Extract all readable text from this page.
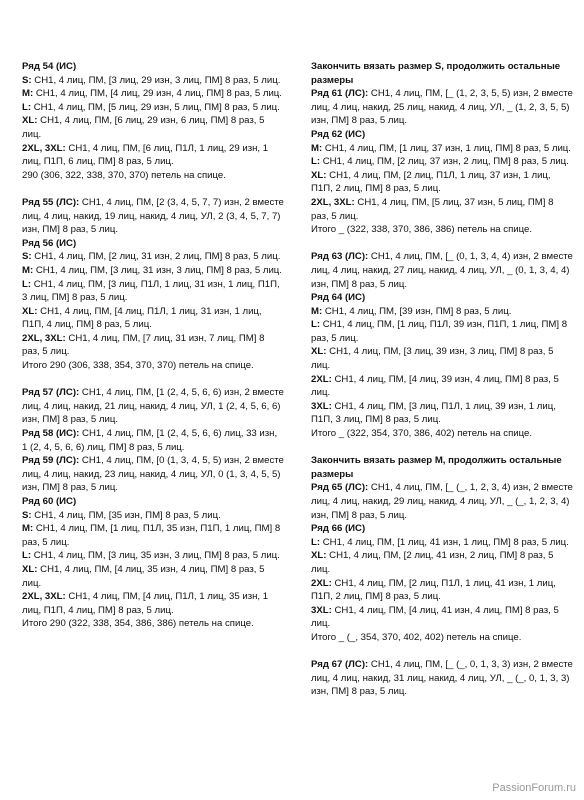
Ряд 54 (ИС)

S: СН1, 4 лиц, ПМ, [3 лиц, 29 изн, 3 лиц, ПМ] 8 раз, 5 лиц.

M: СН1, 4 лиц, ПМ, [4 лиц, 29 изн, 4 лиц, ПМ] 8 раз, 5 лиц.

L: СН1, 4 лиц, ПМ, [5 лиц, 29 изн, 5 лиц, ПМ] 8 раз, 5 лиц.

XL: СН1, 4 лиц, ПМ, [6 лиц, 29 изн, 6 лиц, ПМ] 8 раз, 5 лиц.

2XL, 3XL: СН1, 4 лиц, ПМ, [6 лиц, П1Л, 1 лиц, 29 изн, 1 лиц, П1П, 6 лиц, ПМ] 8 раз, 5 лиц.

290 (306, 322, 338, 370, 370) петель на спице.

Ряд 55 (ЛС): СН1, 4 лиц, ПМ, [2 (3, 4, 5, 7, 7) изн, 2 вместе лиц, 4 лиц, накид, 19 лиц, накид, 4 лиц, УЛ, 2 (3, 4, 5, 7, 7) изн, ПМ] 8 раз, 5 лиц.

Ряд 56 (ИС)

S: СН1, 4 лиц, ПМ, [2 лиц, 31 изн, 2 лиц, ПМ] 8 раз, 5 лиц.

M: СН1, 4 лиц, ПМ, [3 лиц, 31 изн, 3 лиц, ПМ] 8 раз, 5 лиц.

L: СН1, 4 лиц, ПМ, [3 лиц, П1Л, 1 лиц, 31 изн, 1 лиц, П1П, 3 лиц, ПМ] 8 раз, 5 лиц.

XL: СН1, 4 лиц, ПМ, [4 лиц, П1Л, 1 лиц, 31 изн, 1 лиц, П1П, 4 лиц, ПМ] 8 раз, 5 лиц.

2XL, 3XL: СН1, 4 лиц, ПМ, [7 лиц, 31 изн, 7 лиц, ПМ] 8 раз, 5 лиц.

Итого 290 (306, 338, 354, 370, 370) петель на спице.

Ряд 57 (ЛС): СН1, 4 лиц, ПМ, [1 (2, 4, 5, 6, 6) изн, 2 вместе лиц, 4 лиц, накид, 21 лиц, накид, 4 лиц, УЛ, 1 (2, 4, 5, 6, 6) изн, ПМ] 8 раз, 5 лиц.

Ряд 58 (ИС): СН1, 4 лиц, ПМ, [1 (2, 4, 5, 6, 6) лиц, 33 изн, 1 (2, 4, 5, 6, 6) лиц, ПМ] 8 раз, 5 лиц.

Ряд 59 (ЛС): СН1, 4 лиц, ПМ, [0 (1, 3, 4, 5, 5) изн, 2 вместе лиц, 4 лиц, накид, 23 лиц, накид, 4 лиц, УЛ, 0 (1, 3, 4, 5, 5) изн, ПМ] 8 раз, 5 лиц.

Ряд 60 (ИС)

S: СН1, 4 лиц, ПМ, [35 изн, ПМ] 8 раз, 5 лиц.

M: СН1, 4 лиц, ПМ, [1 лиц, П1Л, 35 изн, П1П, 1 лиц, ПМ] 8 раз, 5 лиц.

L: СН1, 4 лиц, ПМ, [3 лиц, 35 изн, 3 лиц, ПМ] 8 раз, 5 лиц.

XL: СН1, 4 лиц, ПМ, [4 лиц, 35 изн, 4 лиц, ПМ] 8 раз, 5 лиц.

2XL, 3XL: СН1, 4 лиц, ПМ, [4 лиц, П1Л, 1 лиц, 35 изн, 1 лиц, П1П, 4 лиц, ПМ] 8 раз, 5 лиц.

Итого 290 (322, 338, 354, 386, 386) петель на спице.

Закончить вязать размер S, продолжить остальные размеры

Ряд 61 (ЛС): СН1, 4 лиц, ПМ, [_ (1, 2, 3, 5, 5) изн, 2 вместе лиц, 4 лиц, накид, 25 лиц, накид, 4 лиц, УЛ, _ (1, 2, 3, 5, 5) изн, ПМ] 8 раз, 5 лиц.

Ряд 62 (ИС)

M: СН1, 4 лиц, ПМ, [1 лиц, 37 изн, 1 лиц, ПМ] 8 раз, 5 лиц.

L: СН1, 4 лиц, ПМ, [2 лиц, 37 изн, 2 лиц, ПМ] 8 раз, 5 лиц.

XL: СН1, 4 лиц, ПМ, [2 лиц, П1Л, 1 лиц, 37 изн, 1 лиц, П1П, 2 лиц, ПМ] 8 раз, 5 лиц.

2XL, 3XL: СН1, 4 лиц, ПМ, [5 лиц, 37 изн, 5 лиц, ПМ] 8 раз, 5 лиц.

Итого _ (322, 338, 370, 386, 386) петель на спице.

Ряд 63 (ЛС): СН1, 4 лиц, ПМ, [_ (0, 1, 3, 4, 4) изн, 2 вместе лиц, 4 лиц, накид, 27 лиц, накид, 4 лиц, УЛ, _ (0, 1, 3, 4, 4) изн, ПМ] 8 раз, 5 лиц.

Ряд 64 (ИС)

M: СН1, 4 лиц, ПМ, [39 изн, ПМ] 8 раз, 5 лиц.

L: СН1, 4 лиц, ПМ, [1 лиц, П1Л, 39 изн, П1П, 1 лиц, ПМ] 8 раз, 5 лиц.

XL: СН1, 4 лиц, ПМ, [3 лиц, 39 изн, 3 лиц, ПМ] 8 раз, 5 лиц.

2XL: СН1, 4 лиц, ПМ, [4 лиц, 39 изн, 4 лиц, ПМ] 8 раз, 5 лиц.

3XL: СН1, 4 лиц, ПМ, [3 лиц, П1Л, 1 лиц, 39 изн, 1 лиц, П1П, 3 лиц, ПМ] 8 раз, 5 лиц.

Итого _ (322, 354, 370, 386, 402) петель на спице.

Закончить вязать размер M, продолжить остальные размеры

Ряд 65 (ЛС): СН1, 4 лиц, ПМ, [_ (_, 1, 2, 3, 4) изн, 2 вместе лиц, 4 лиц, накид, 29 лиц, накид, 4 лиц, УЛ, _ (_, 1, 2, 3, 4) изн, ПМ] 8 раз, 5 лиц.

Ряд 66 (ИС)

L: СН1, 4 лиц, ПМ, [1 лиц, 41 изн, 1 лиц, ПМ] 8 раз, 5 лиц.

XL: СН1, 4 лиц, ПМ, [2 лиц, 41 изн, 2 лиц, ПМ] 8 раз, 5 лиц.

2XL: СН1, 4 лиц, ПМ, [2 лиц, П1Л, 1 лиц, 41 изн, 1 лиц, П1П, 2 лиц, ПМ] 8 раз, 5 лиц.

3XL: СН1, 4 лиц, ПМ, [4 лиц, 41 изн, 4 лиц, ПМ] 8 раз, 5 лиц.

Итого _ (_, 354, 370, 402, 402) петель на спице.

Ряд 67 (ЛС): СН1, 4 лиц, ПМ, [_ (_, 0, 1, 3, 3) изн, 2 вместе лиц, 4 лиц, накид, 31 лиц, накид, 4 лиц, УЛ, _ (_, 0, 1, 3, 3) изн, ПМ] 8 раз, 5 лиц.

PassionForum.ru
